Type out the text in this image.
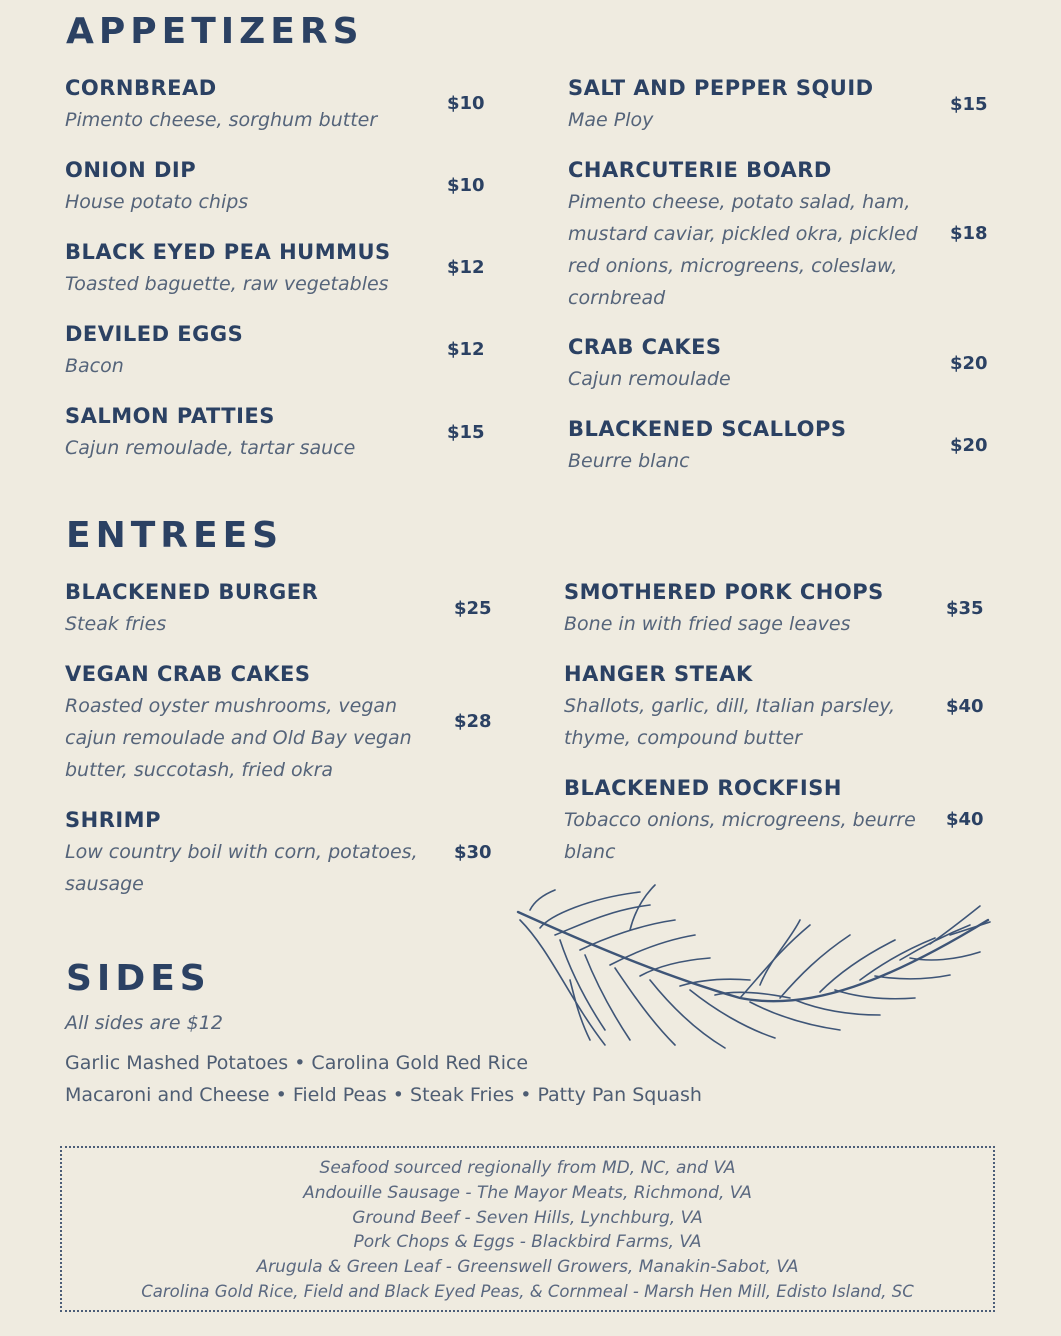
APPETIZERS
CORNBREAD
Pimento cheese, sorghum butter
$10
ONION DIP
House potato chips
$10
BLACK EYED PEA HUMMUS
Toasted baguette, raw vegetables
$12
DEVILED EGGS
Bacon
$12
SALMON PATTIES
Cajun remoulade, tartar sauce
$15
SALT AND PEPPER SQUID
Mae Ploy
$15
CHARCUTERIE BOARD
Pimento cheese, potato salad, ham, mustard caviar, pickled okra, pickled red onions, microgreens, coleslaw, cornbread
$18
CRAB CAKES
Cajun remoulade
$20
BLACKENED SCALLOPS
Beurre blanc
$20
ENTREES
BLACKENED BURGER
Steak fries
$25
VEGAN CRAB CAKES
Roasted oyster mushrooms, vegan cajun remoulade and Old Bay vegan butter, succotash, fried okra
$28
SHRIMP
Low country boil with corn, potatoes, sausage
$30
SMOTHERED PORK CHOPS
Bone in with fried sage leaves
$35
HANGER STEAK
Shallots, garlic, dill, Italian parsley, thyme, compound butter
$40
BLACKENED ROCKFISH
Tobacco onions, microgreens, beurre blanc
$40
SIDES
All sides are $12
Garlic Mashed Potatoes • Carolina Gold Red Rice
Macaroni and Cheese • Field Peas • Steak Fries • Patty Pan Squash
Seafood sourced regionally from MD, NC, and VA
Andouille Sausage - The Mayor Meats, Richmond, VA
Ground Beef - Seven Hills, Lynchburg, VA
Pork Chops & Eggs - Blackbird Farms, VA
Arugula & Green Leaf - Greenswell Growers, Manakin-Sabot, VA
Carolina Gold Rice, Field and Black Eyed Peas, & Cornmeal - Marsh Hen Mill, Edisto Island, SC
